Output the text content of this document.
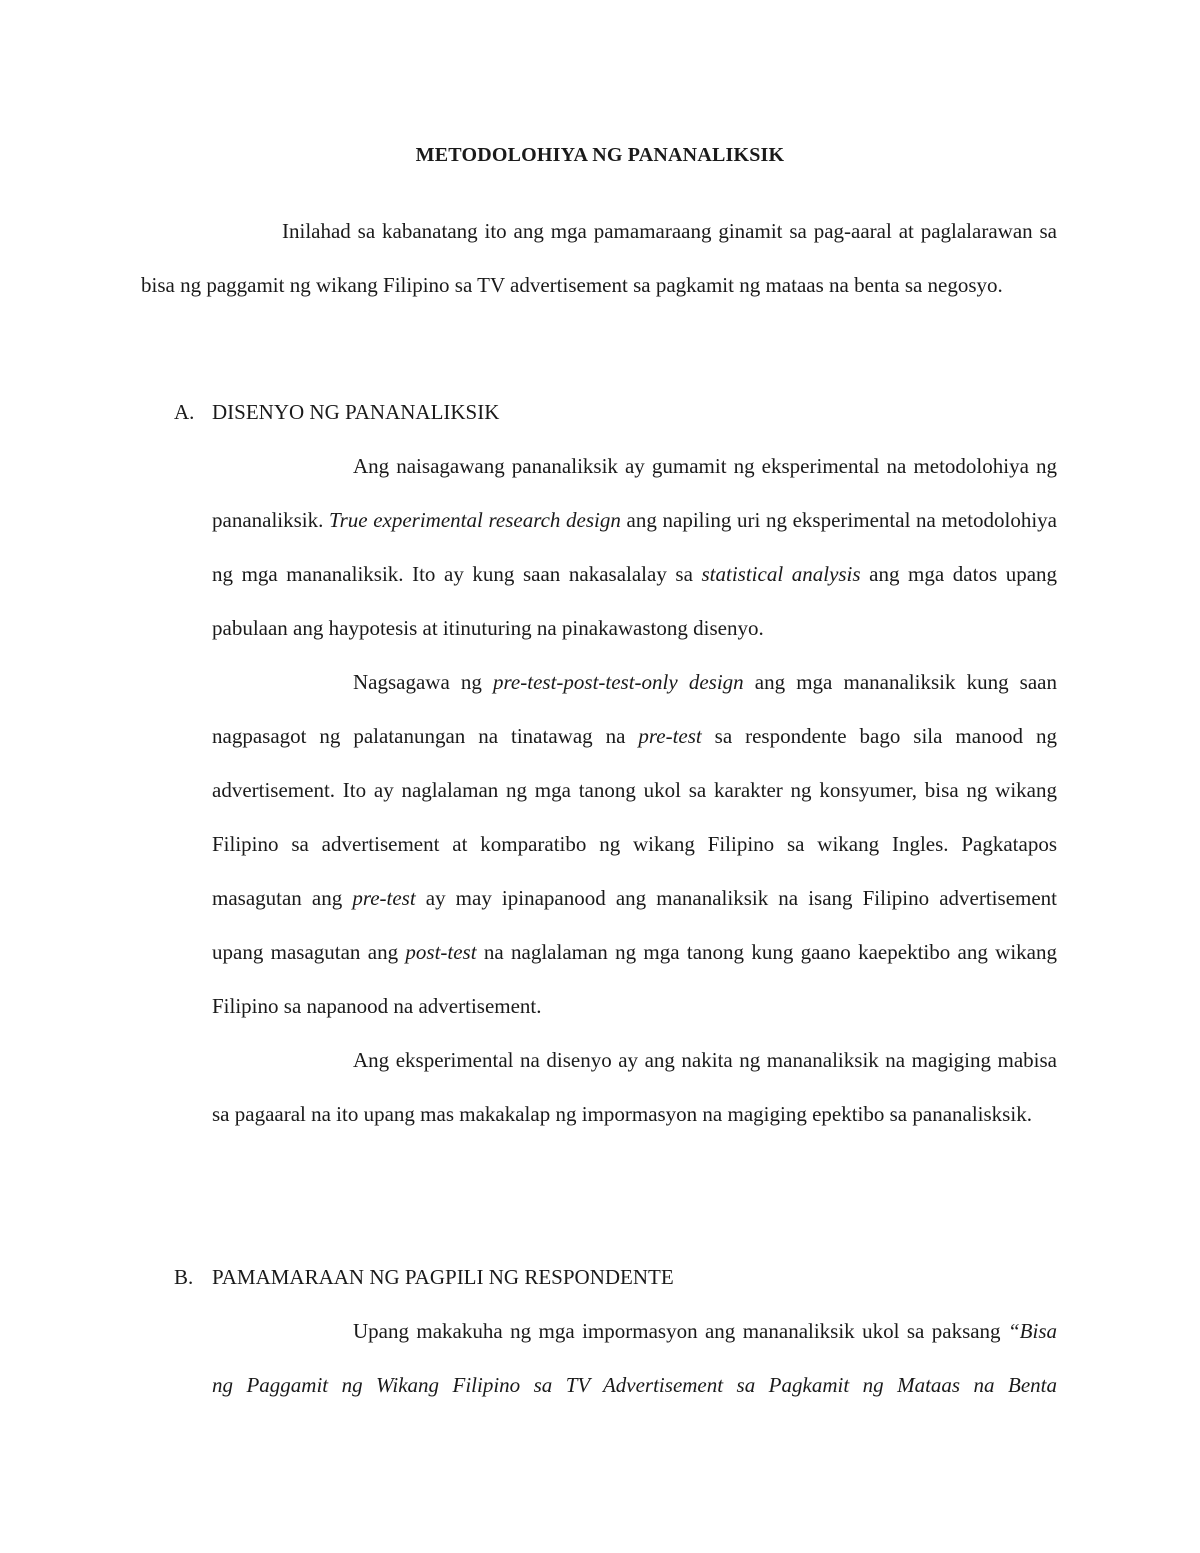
METODOLOHIYA NG PANANALIKSIK

Inilahad sa kabanatang ito ang mga pamamaraang ginamit sa pag-aaral at paglalarawan sa bisa ng paggamit ng wikang Filipino sa TV advertisement sa pagkamit ng mataas na benta sa negosyo.

A. DISENYO NG PANANALIKSIK

Ang naisagawang pananaliksik ay gumamit ng eksperimental na metodolohiya ng pananaliksik. True experimental research design ang napiling uri ng eksperimental na metodolohiya ng mga mananaliksik. Ito ay kung saan nakasalalay sa statistical analysis ang mga datos upang pabulaan ang haypotesis at itinuturing na pinakawastong disenyo.

Nagsagawa ng pre-test-post-test-only design ang mga mananaliksik kung saan nagpasagot ng palatanungan na tinatawag na pre-test sa respondente bago sila manood ng advertisement. Ito ay naglalaman ng mga tanong ukol sa karakter ng konsyumer, bisa ng wikang Filipino sa advertisement at komparatibo ng wikang Filipino sa wikang Ingles. Pagkatapos masagutan ang pre-test ay may ipinapanood ang mananaliksik na isang Filipino advertisement upang masagutan ang post-test na naglalaman ng mga tanong kung gaano kaepektibo ang wikang Filipino sa napanood na advertisement.

Ang eksperimental na disenyo ay ang nakita ng mananaliksik na magiging mabisa sa pagaaral na ito upang mas makakalap ng impormasyon na magiging epektibo sa pananalisksik.

B. PAMAMARAAN NG PAGPILI NG RESPONDENTE

Upang makakuha ng mga impormasyon ang mananaliksik ukol sa paksang “Bisa ng Paggamit ng Wikang Filipino sa TV Advertisement sa Pagkamit ng Mataas na Benta
